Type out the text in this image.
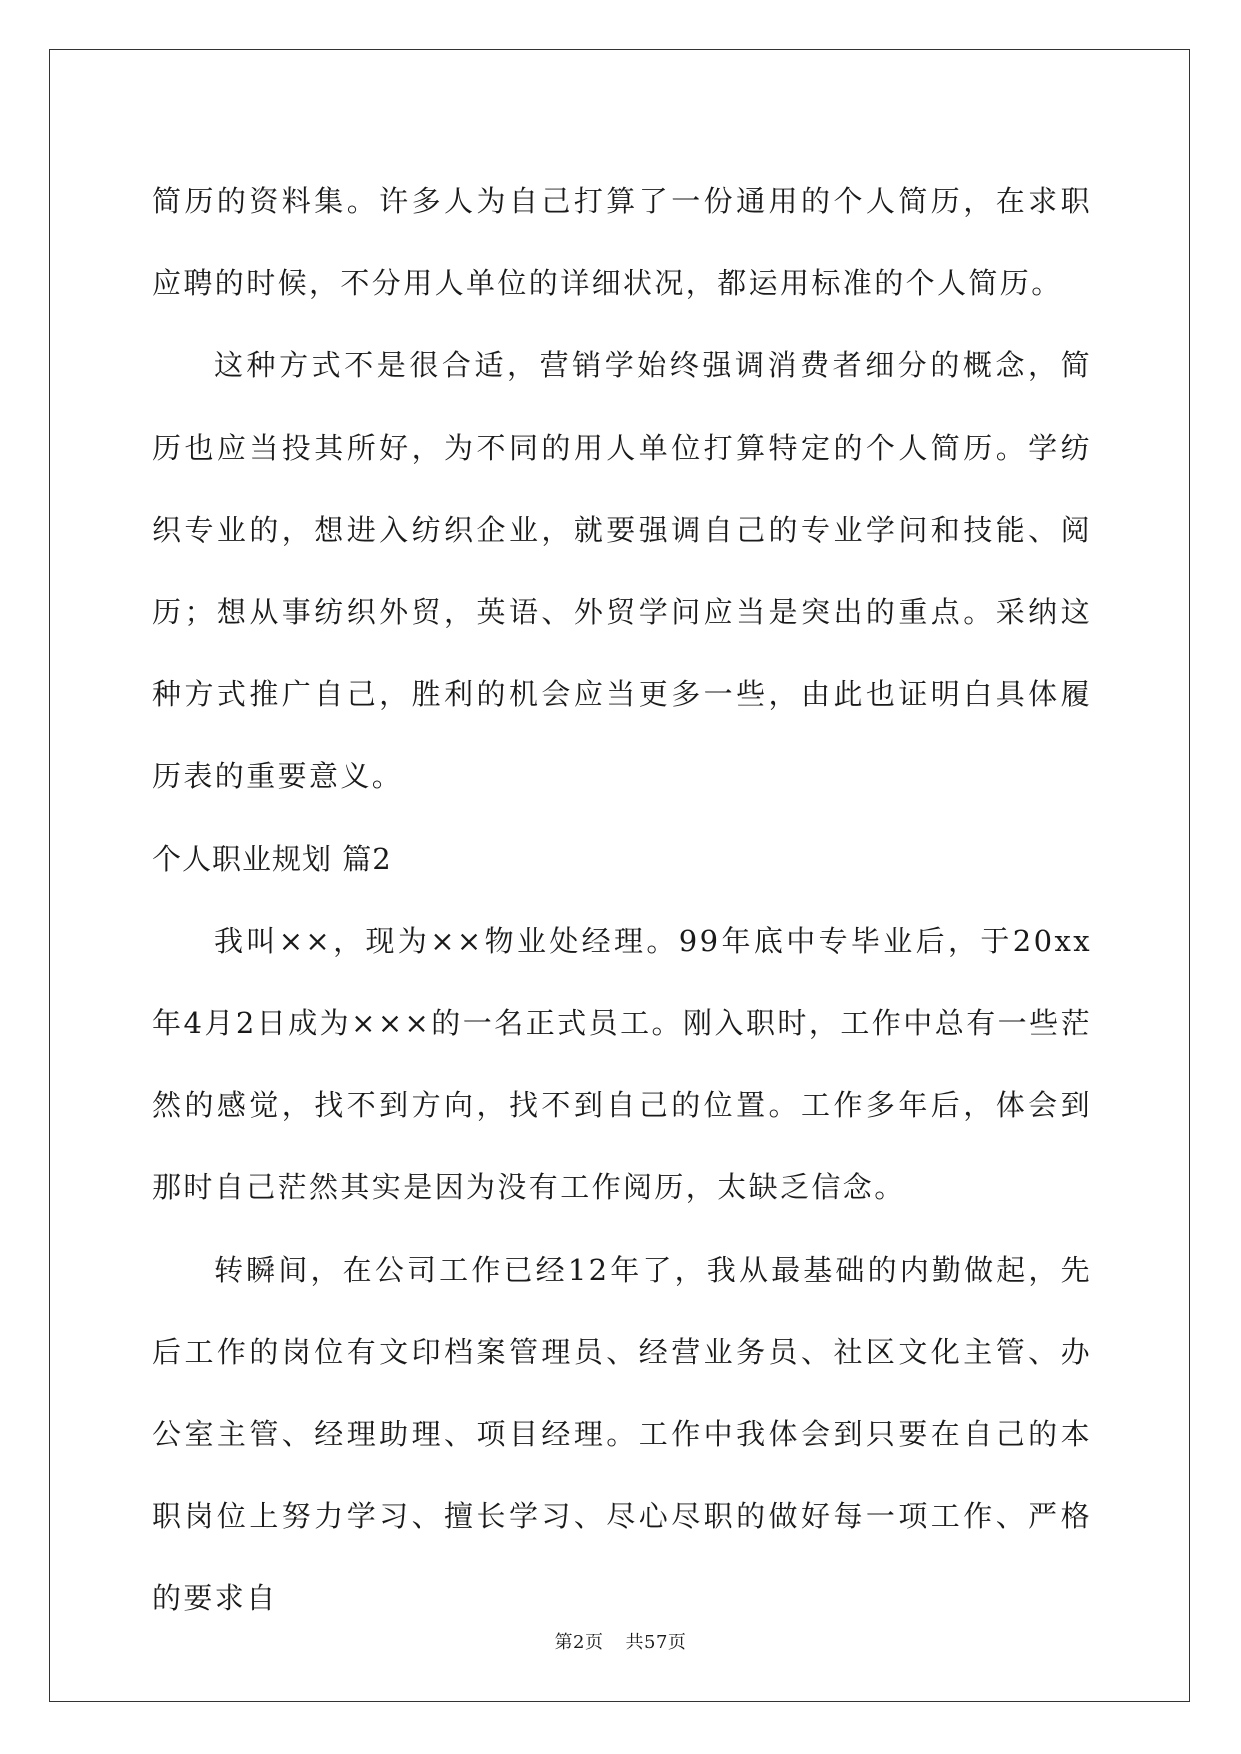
简历的资料集。许多人为自己打算了一份通用的个人简历，在求职应聘的时候，不分用人单位的详细状况，都运用标准的个人简历。

这种方式不是很合适，营销学始终强调消费者细分的概念，简历也应当投其所好，为不同的用人单位打算特定的个人简历。学纺织专业的，想进入纺织企业，就要强调自己的专业学问和技能、阅历；想从事纺织外贸，英语、外贸学问应当是突出的重点。采纳这种方式推广自己，胜利的机会应当更多一些，由此也证明白具体履历表的重要意义。

个人职业规划 篇2

我叫××，现为××物业处经理。99年底中专毕业后，于20xx年4月2日成为×××的一名正式员工。刚入职时，工作中总有一些茫然的感觉，找不到方向，找不到自己的位置。工作多年后，体会到那时自己茫然其实是因为没有工作阅历，太缺乏信念。

转瞬间，在公司工作已经12年了，我从最基础的内勤做起，先后工作的岗位有文印档案管理员、经营业务员、社区文化主管、办公室主管、经理助理、项目经理。工作中我体会到只要在自己的本职岗位上努力学习、擅长学习、尽心尽职的做好每一项工作、严格的要求自

第2页 共57页
